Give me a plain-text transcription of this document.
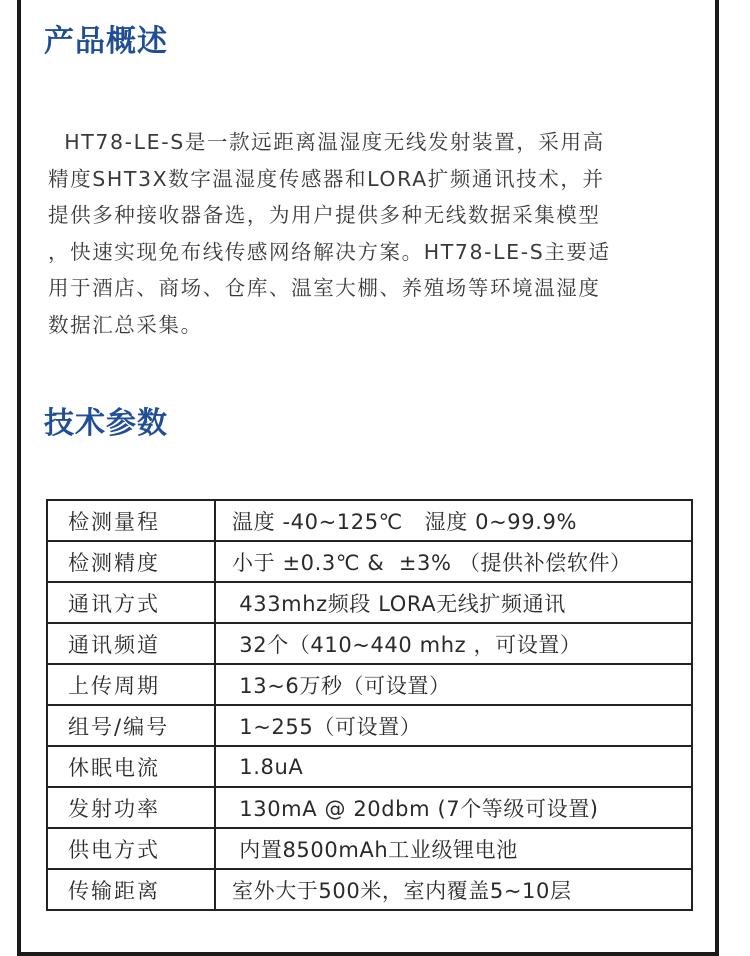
产品概述

HT78-LE-S是一款远距离温湿度无线发射装置，采用高
精度SHT3X数字温湿度传感器和LORA扩频通讯技术，并
提供多种接收器备选，为用户提供多种无线数据采集模型
，快速实现免布线传感网络解决方案。HT78-LE-S主要适
用于酒店、商场、仓库、温室大棚、养殖场等环境温湿度
数据汇总采集。

技术参数
检测量程	温度 -40~125℃   湿度 0~99.9%
检测精度	小于 ±0.3℃ &  ±3% （提供补偿软件）
通讯方式	433mhz频段 LORA无线扩频通讯
通讯频道	32个（410~440 mhz ，可设置）
上传周期	13~6万秒（可设置）
组号/编号	1~255（可设置）
休眠电流	1.8uA
发射功率	130mA @ 20dbm (7个等级可设置)
供电方式	内置8500mAh工业级锂电池
传输距离	室外大于500米，室内覆盖5~10层
